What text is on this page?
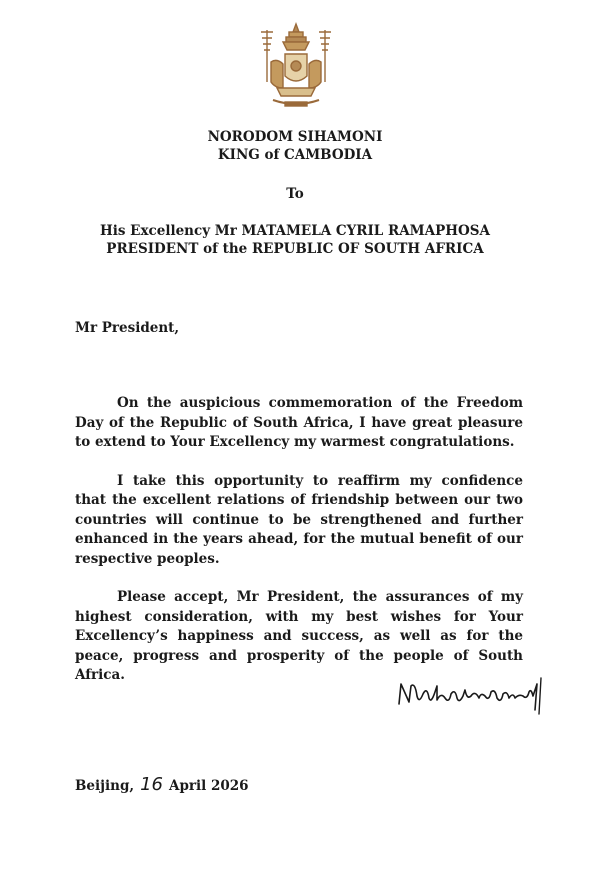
NORODOM SIHAMONI
KING of CAMBODIA
To
His Excellency Mr MATAMELA CYRIL RAMAPHOSA
PRESIDENT of the REPUBLIC OF SOUTH AFRICA
Mr President,

On the auspicious commemoration of the Freedom Day of the Republic of South Africa, I have great pleasure to extend to Your Excellency my warmest congratulations.

I take this opportunity to reaffirm my confidence that the excellent relations of friendship between our two countries will continue to be strengthened and further enhanced in the years ahead, for the mutual benefit of our respective peoples.

Please accept, Mr President, the assurances of my highest consideration, with my best wishes for Your Excellency’s happiness and success, as well as for the peace, progress and prosperity of the people of South Africa.

Beijing, 16 April 2026
